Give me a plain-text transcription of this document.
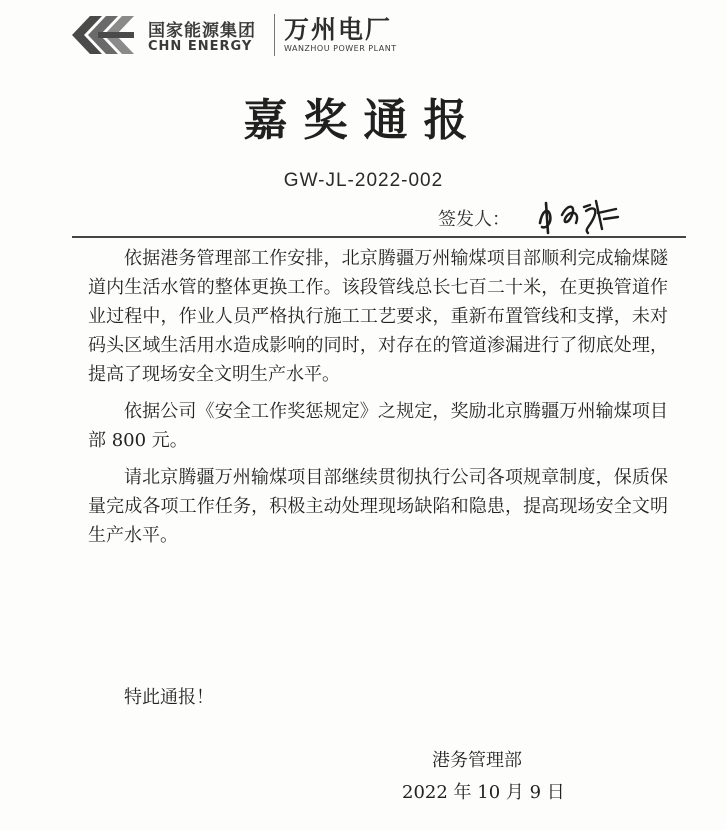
国家能源集团
CHN ENERGY
万州电厂
WANZHOU POWER PLANT
嘉奖通报
GW-JL-2022-002
签发人：

依据港务管理部工作安排，北京腾疆万州输煤项目部顺利完成输煤隧道内生活水管的整体更换工作。该段管线总长七百二十米，在更换管道作业过程中，作业人员严格执行施工工艺要求，重新布置管线和支撑，未对码头区域生活用水造成影响的同时，对存在的管道渗漏进行了彻底处理，提高了现场安全文明生产水平。

依据公司《安全工作奖惩规定》之规定，奖励北京腾疆万州输煤项目部 800 元。

请北京腾疆万州输煤项目部继续贯彻执行公司各项规章制度，保质保量完成各项工作任务，积极主动处理现场缺陷和隐患，提高现场安全文明生产水平。

特此通报！
港务管理部
2022 年 10 月 9 日
